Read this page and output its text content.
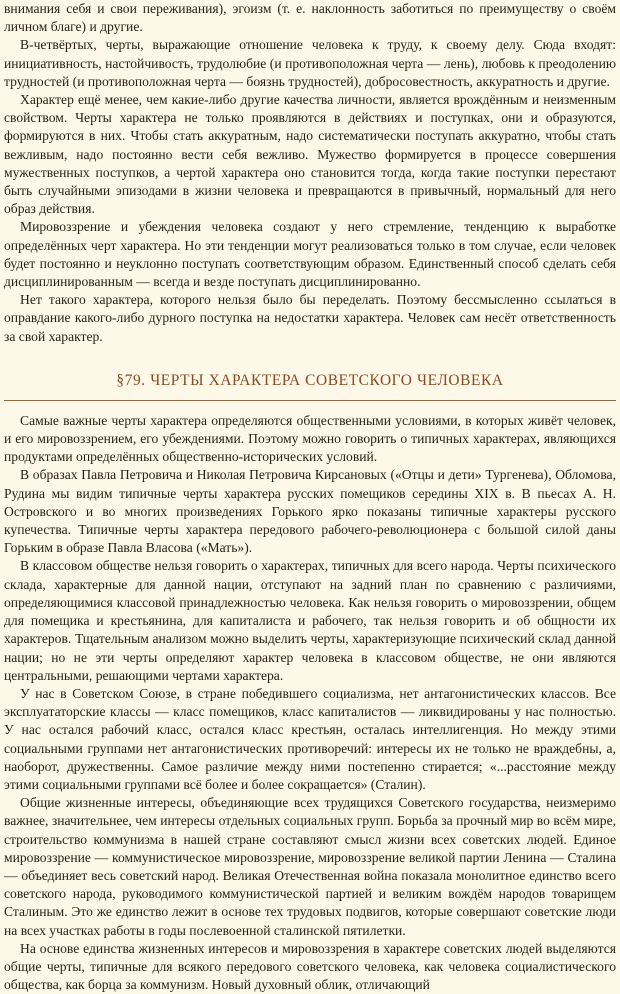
внимания себя и свои переживания), эгоизм (т. е. наклонность заботиться по преимуществу о своём личном благе) и другие.

В-четвёртых, черты, выражающие отношение человека к труду, к своему делу. Сюда входят: инициативность, настойчивость, трудолюбие (и противоположная черта — лень), любовь к преодолению трудностей (и противоположная черта — боязнь трудностей), добросовестность, аккуратность и другие.

Характер ещё менее, чем какие-либо другие качества личности, является врождённым и неизменным свойством. Черты характера не только проявляются в действиях и поступках, они и образуются, формируются в них. Чтобы стать аккуратным, надо систематически поступать аккуратно, чтобы стать вежливым, надо постоянно вести себя вежливо. Мужество формируется в процессе совершения мужественных поступков, а чертой характера оно становится тогда, когда такие поступки перестают быть случайными эпизодами в жизни человека и превращаются в привычный, нормальный для него образ действия.

Мировоззрение и убеждения человека создают у него стремление, тенденцию к выработке определённых черт характера. Но эти тенденции могут реализоваться только в том случае, если человек будет постоянно и неуклонно поступать соответствующим образом. Единственный способ сделать себя дисциплинированным — всегда и везде поступать дисциплинированно.

Нет такого характера, которого нельзя было бы переделать. Поэтому бессмысленно ссылаться в оправдание какого-либо дурного поступка на недостатки характера. Человек сам несёт ответственность за свой характер.

§79. ЧЕРТЫ ХАРАКТЕРА СОВЕТСКОГО ЧЕЛОВЕКА

Самые важные черты характера определяются общественными условиями, в которых живёт человек, и его мировоззрением, его убеждениями. Поэтому можно говорить о типичных характерах, являющихся продуктами определённых общественно-исторических условий.

В образах Павла Петровича и Николая Петровича Кирсановых («Отцы и дети» Тургенева), Обломова, Рудина мы видим типичные черты характера русских помещиков середины XIX в. В пьесах А. Н. Островского и во многих произведениях Горького ярко показаны типичные характеры русского купечества. Типичные черты характера передового рабочего-революционера с большой силой даны Горьким в образе Павла Власова («Мать»).

В классовом обществе нельзя говорить о характерах, типичных для всего народа. Черты психического склада, характерные для данной нации, отступают на задний план по сравнению с различиями, определяющимися классовой принадлежностью человека. Как нельзя говорить о мировоззрении, общем для помещика и крестьянина, для капиталиста и рабочего, так нельзя говорить и об общности их характеров. Тщательным анализом можно выделить черты, характеризующие психический склад данной нации; но не эти черты определяют характер человека в классовом обществе, не они являются центральными, решающими чертами характера.

У нас в Советском Союзе, в стране победившего социализма, нет антагонистических классов. Все эксплуататорские классы — класс помещиков, класс капиталистов — ликвидированы у нас полностью. У нас остался рабочий класс, остался класс крестьян, осталась интеллигенция. Но между этими социальными группами нет антагонистических противоречий: интересы их не только не враждебны, а, наоборот, дружественны. Самое различие между ними постепенно стирается; «...расстояние между этими социальными группами всё более и более сокращается» (Сталин).

Общие жизненные интересы, объединяющие всех трудящихся Советского государства, неизмеримо важнее, значительнее, чем интересы отдельных социальных групп. Борьба за прочный мир во всём мире, строительство коммунизма в нашей стране составляют смысл жизни всех советских людей. Единое мировоззрение — коммунистическое мировоззрение, мировоззрение великой партии Ленина — Сталина — объединяет весь советский народ. Великая Отечественная война показала монолитное единство всего советского народа, руководимого коммунистической партией и великим вождём народов товарищем Сталиным. Это же единство лежит в основе тех трудовых подвигов, которые совершают советские люди на всех участках работы в годы послевоенной сталинской пятилетки.

На основе единства жизненных интересов и мировоззрения в характере советских людей выделяются общие черты, типичные для всякого передового советского человека, как человека социалистического общества, как борца за коммунизм. Новый духовный облик, отличающий
